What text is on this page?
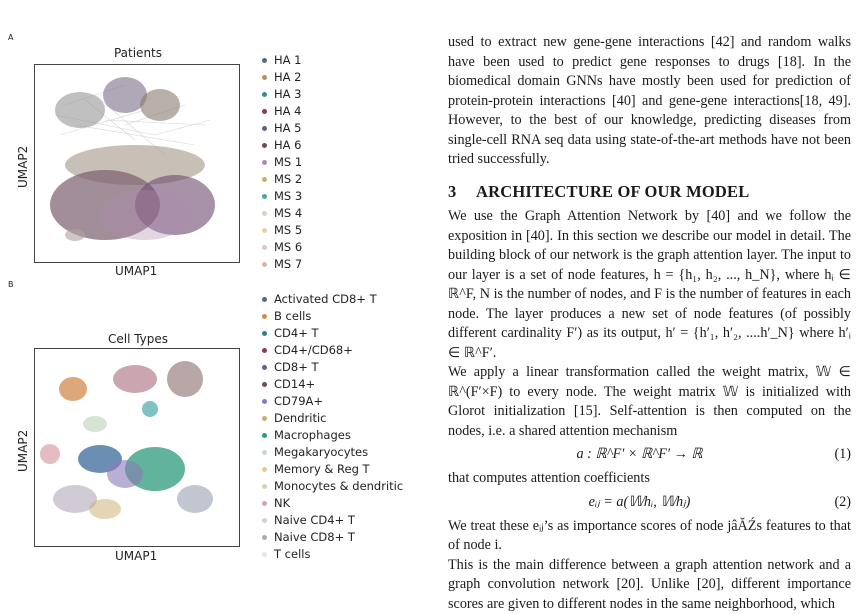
A
Patients
UMAP1
UMAP2
HA 1
HA 2
HA 3
HA 4
HA 5
HA 6
MS 1
MS 2
MS 3
MS 4
MS 5
MS 6
MS 7
B
Cell Types
UMAP1
UMAP2
Activated CD8+ T
B cells
CD4+ T
CD4+/CD68+
CD8+ T
CD14+
CD79A+
Dendritic
Macrophages
Megakaryocytes
Memory & Reg T
Monocytes & dendritic
NK
Naive CD4+ T
Naive CD8+ T
T cells

used to extract new gene-gene interactions [42] and random walks have been used to predict gene responses to drugs [18]. In the biomedical domain GNNs have mostly been used for prediction of protein-protein interactions [40] and gene-gene interactions[18, 49]. However, to the best of our knowledge, predicting diseases from single-cell RNA seq data using state-of-the-art methods have not been tried successfully.

3 ARCHITECTURE OF OUR MODEL

We use the Graph Attention Network by [40] and we follow the exposition in [40]. In this section we describe our model in detail. The building block of our network is the graph attention layer. The input to our layer is a set of node features, h = {h₁, h₂, ..., h_N}, where hᵢ ∈ ℝ^F, N is the number of nodes, and F is the number of features in each node. The layer produces a new set of node features (of possibly different cardinality F′) as its output, h′ = {h′₁, h′₂, ....h′_N} where h′ᵢ ∈ ℝ^F′.

We apply a linear transformation called the weight matrix, 𝕎 ∈ ℝ^(F′×F) to every node. The weight matrix 𝕎 is initialized with Glorot initialization [15]. Self-attention is then computed on the nodes, i.e. a shared attention mechanism

a : ℝ^F′ × ℝ^F′ → ℝ	(1)

that computes attention coefficients

eᵢⱼ = a(𝕎hᵢ, 𝕎hⱼ)	(2)

We treat these eᵢⱼ’s as importance scores of node jâĂŹs features to that of node i.

This is the main difference between a graph attention network and a graph convolution network [20]. Unlike [20], different importance scores are given to different nodes in the same neighborhood, which
